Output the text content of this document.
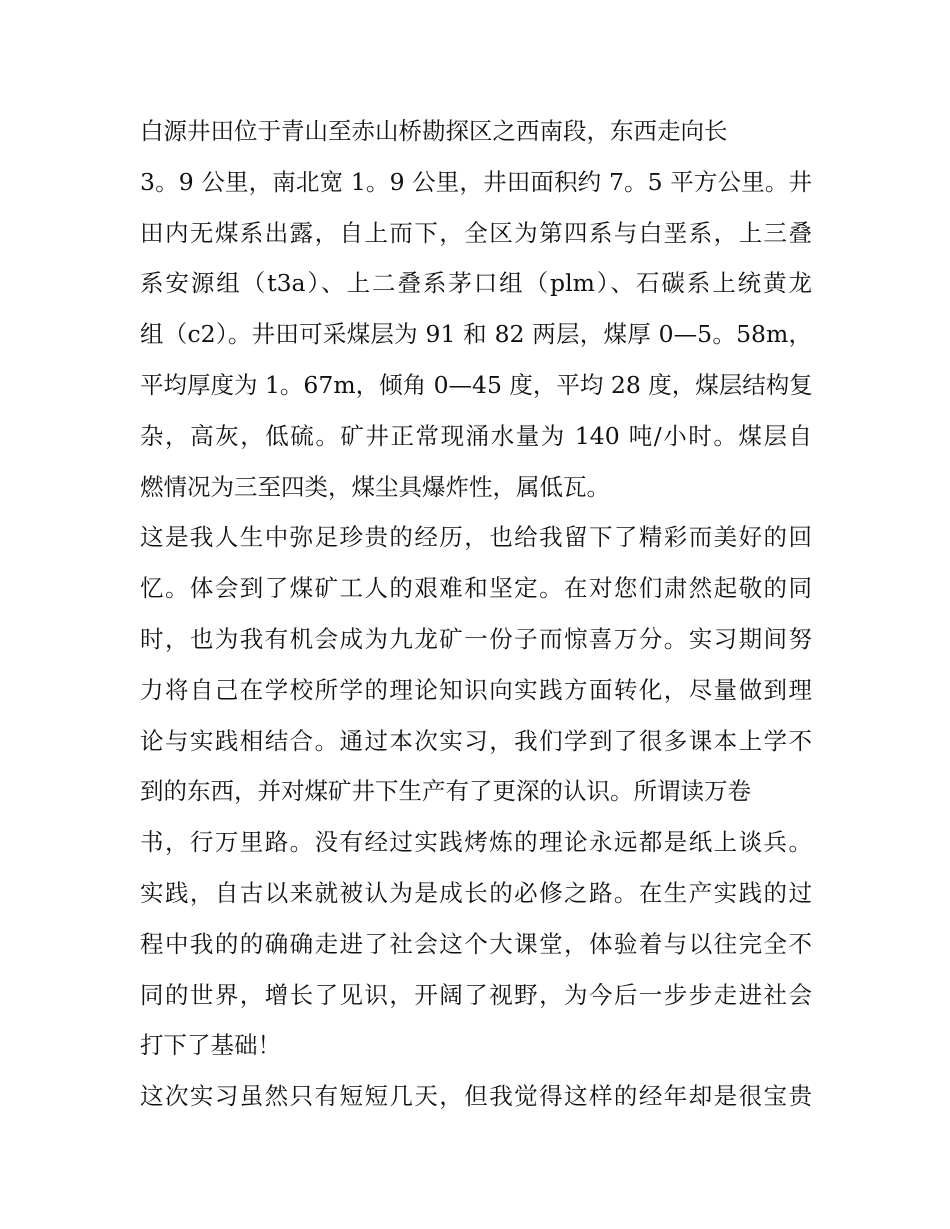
白源井田位于青山至赤山桥勘探区之西南段，东西走向长
3。9 公里，南北宽 1。9 公里，井田面积约 7。5 平方公里。井
田内无煤系出露，自上而下，全区为第四系与白垩系，上三叠
系安源组（t3a）、上二叠系茅口组（plm）、石碳系上统黄龙
组（c2）。井田可采煤层为 91 和 82 两层，煤厚 0—5。58m，
平均厚度为 1。67m，倾角 0—45 度，平均 28 度，煤层结构复
杂，高灰，低硫。矿井正常现涌水量为 140 吨/小时。煤层自
燃情况为三至四类，煤尘具爆炸性，属低瓦。
这是我人生中弥足珍贵的经历，也给我留下了精彩而美好的回
忆。体会到了煤矿工人的艰难和坚定。在对您们肃然起敬的同
时，也为我有机会成为九龙矿一份子而惊喜万分。实习期间努
力将自己在学校所学的理论知识向实践方面转化，尽量做到理
论与实践相结合。通过本次实习，我们学到了很多课本上学不
到的东西，并对煤矿井下生产有了更深的认识。所谓读万卷
书，行万里路。没有经过实践烤炼的理论永远都是纸上谈兵。
实践，自古以来就被认为是成长的必修之路。在生产实践的过
程中我的的确确走进了社会这个大课堂，体验着与以往完全不
同的世界，增长了见识，开阔了视野，为今后一步步走进社会
打下了基础！
这次实习虽然只有短短几天，但我觉得这样的经年却是很宝贵
